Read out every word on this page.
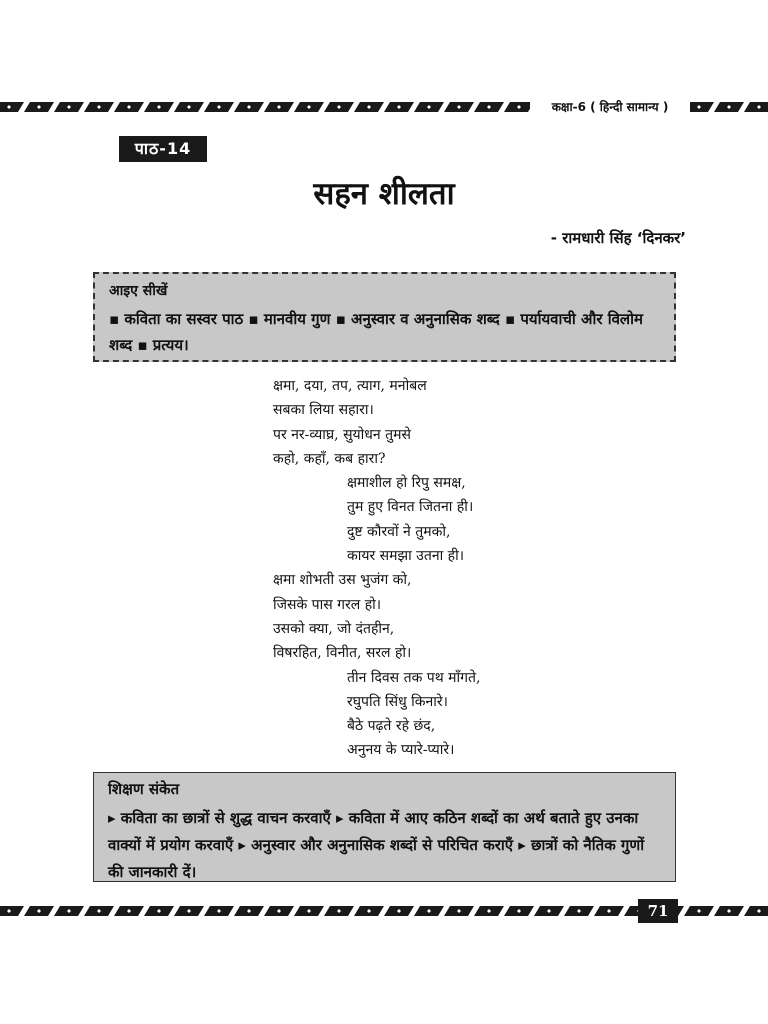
कक्षा-6 ( हिन्दी सामान्य )
पाठ-14
सहन शीलता
- रामधारी सिंह ‘दिनकर’
आइए सीखें
▪ कविता का सस्वर पाठ ▪ मानवीय गुण ▪ अनुस्वार व अनुनासिक शब्द ▪ पर्यायवाची और विलोम शब्द ▪ प्रत्यय।
क्षमा, दया, तप, त्याग, मनोबल
सबका लिया सहारा।
पर नर-व्याघ्र, सुयोधन तुमसे
कहो, कहाँ, कब हारा?
क्षमाशील हो रिपु समक्ष,
तुम हुए विनत जितना ही।
दुष्ट कौरवों ने तुमको,
कायर समझा उतना ही।
क्षमा शोभती उस भुजंग को,
जिसके पास गरल हो।
उसको क्या, जो दंतहीन,
विषरहित, विनीत, सरल हो।
तीन दिवस तक पथ माँगते,
रघुपति सिंधु किनारे।
बैठे पढ़ते रहे छंद,
अनुनय के प्यारे-प्यारे।
शिक्षण संकेत
▸ कविता का छात्रों से शुद्ध वाचन करवाएँ ▸ कविता में आए कठिन शब्दों का अर्थ बताते हुए उनका वाक्यों में प्रयोग करवाएँ ▸ अनुस्वार और अनुनासिक शब्दों से परिचित कराएँ ▸ छात्रों को नैतिक गुणों की जानकारी दें।
71
